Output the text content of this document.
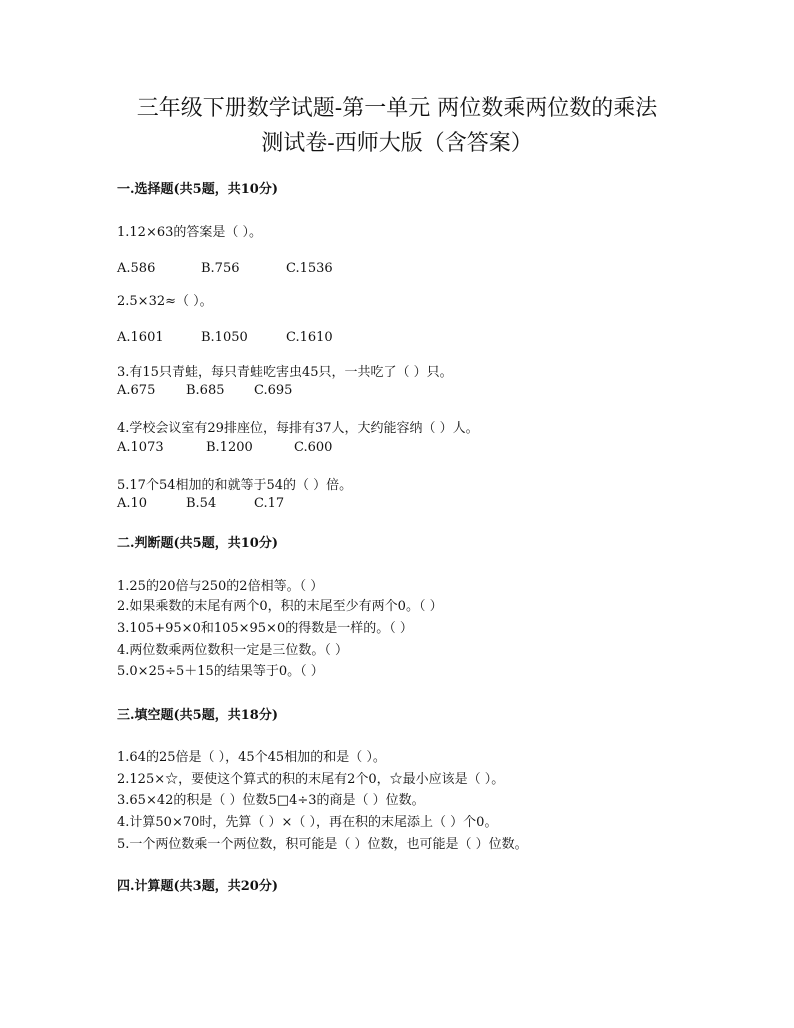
三年级下册数学试题-第一单元 两位数乘两位数的乘法
测试卷-西师大版（含答案）
一.选择题(共5题，共10分)
1.12×63的答案是（ ）。
A.586	B.756	C.1536
2.5×32≈（ ）。
A.1601	B.1050	C.1610
3.有15只青蛙，每只青蛙吃害虫45只，一共吃了（ ）只。
A.675 B.685 C.695
4.学校会议室有29排座位，每排有37人，大约能容纳（ ）人。
A.1073	B.1200	C.600
5.17个54相加的和就等于54的（ ）倍。
A.10	B.54	C.17
二.判断题(共5题，共10分)
1.25的20倍与250的2倍相等。（ ）
2.如果乘数的末尾有两个0，积的末尾至少有两个0。（ ）
3.105+95×0和105×95×0的得数是一样的。（ ）
4.两位数乘两位数积一定是三位数。（ ）
5.0×25÷5＋15的结果等于0。（ ）
三.填空题(共5题，共18分)
1.64的25倍是（ ），45个45相加的和是（ ）。
2.125×☆，要使这个算式的积的末尾有2个0，☆最小应该是（ ）。
3.65×42的积是（ ）位数5□4÷3的商是（ ）位数。
4.计算50×70时，先算（ ）×（ ），再在积的末尾添上（ ）个0。
5.一个两位数乘一个两位数，积可能是（ ）位数，也可能是（ ）位数。
四.计算题(共3题，共20分)
